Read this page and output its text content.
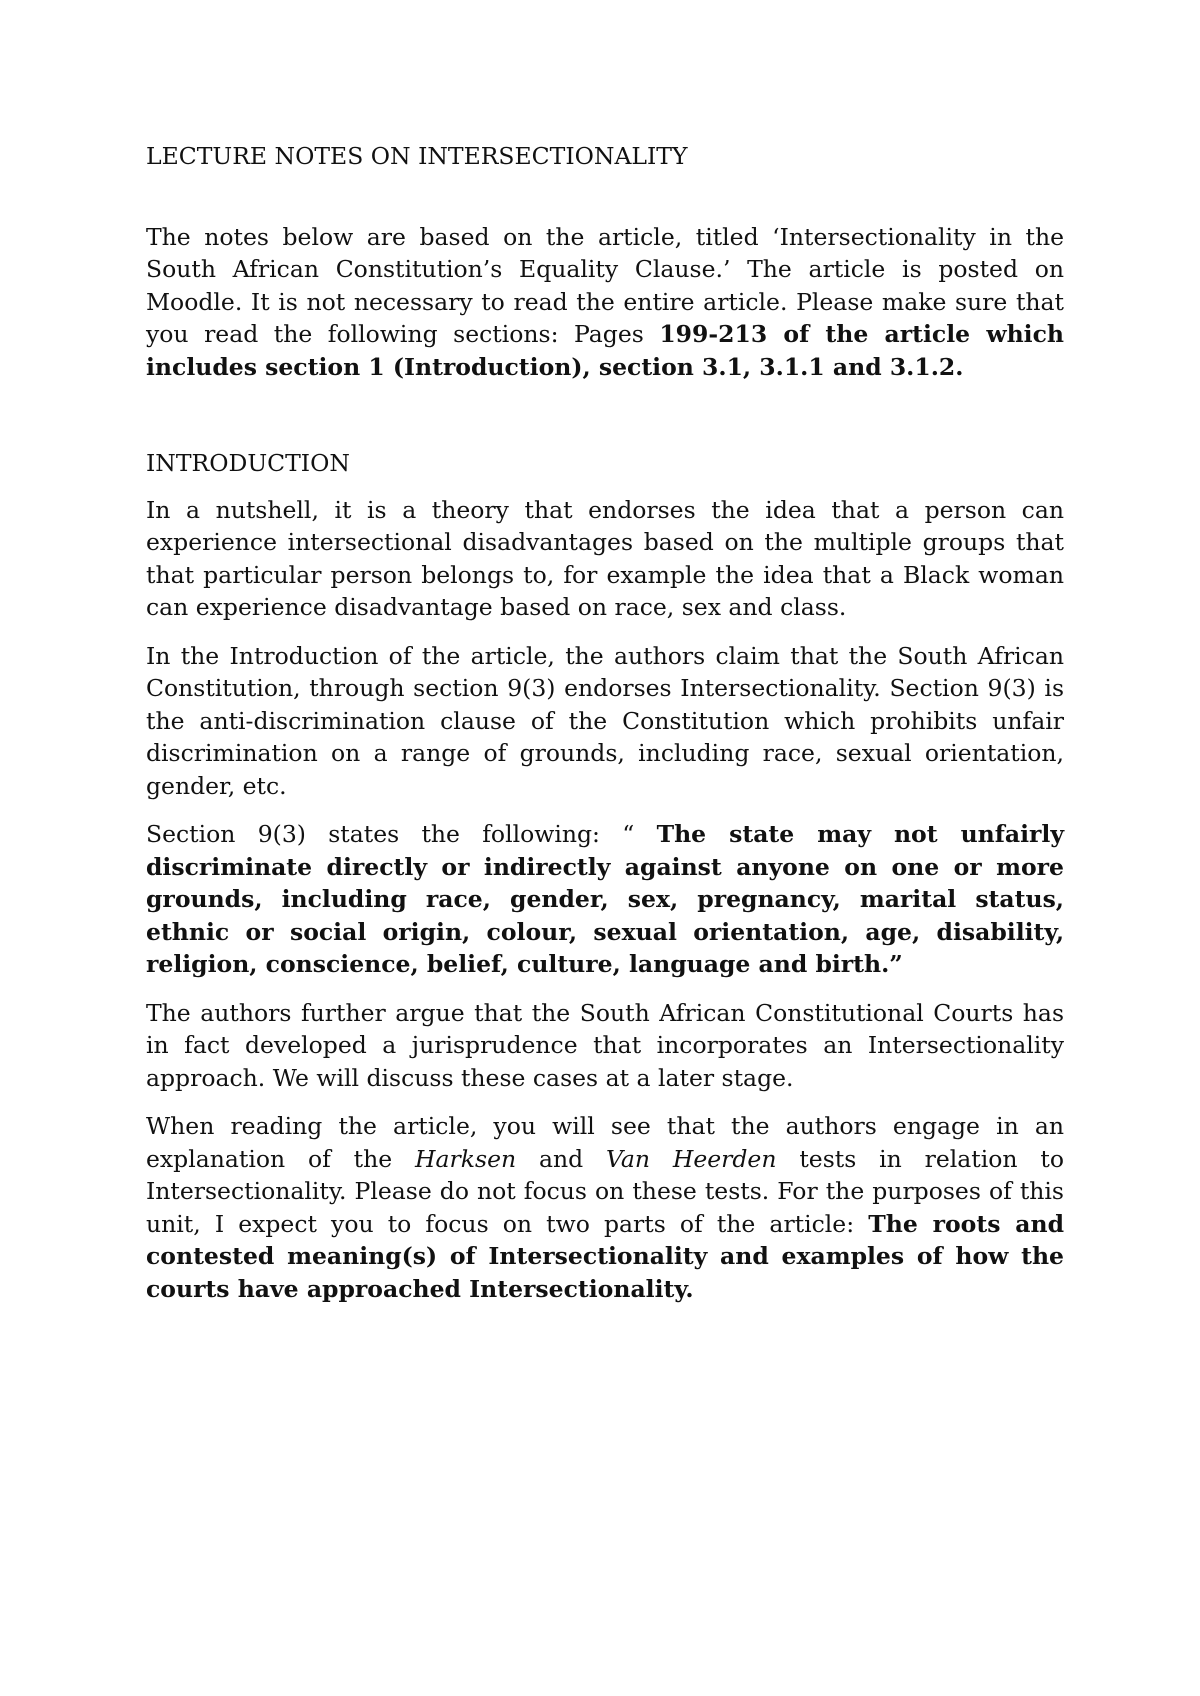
LECTURE NOTES ON INTERSECTIONALITY

The notes below are based on the article, titled ‘Intersectionality in the South African Constitution’s Equality Clause.’ The article is posted on Moodle. It is not necessary to read the entire article. Please make sure that you read the following sections: Pages 199-213 of the article which includes section 1 (Introduction), section 3.1, 3.1.1 and 3.1.2.

INTRODUCTION

In a nutshell, it is a theory that endorses the idea that a person can experience intersectional disadvantages based on the multiple groups that that particular person belongs to, for example the idea that a Black woman can experience disadvantage based on race, sex and class.

In the Introduction of the article, the authors claim that the South African Constitution, through section 9(3) endorses Intersectionality. Section 9(3) is the anti-discrimination clause of the Constitution which prohibits unfair discrimination on a range of grounds, including race, sexual orientation, gender, etc.

Section 9(3) states the following: “ The state may not unfairly discriminate directly or indirectly against anyone on one or more grounds, including race, gender, sex, pregnancy, marital status, ethnic or social origin, colour, sexual orientation, age, disability, religion, conscience, belief, culture, language and birth.”

The authors further argue that the South African Constitutional Courts has in fact developed a jurisprudence that incorporates an Intersectionality approach. We will discuss these cases at a later stage.

When reading the article, you will see that the authors engage in an explanation of the Harksen and Van Heerden tests in relation to Intersectionality. Please do not focus on these tests. For the purposes of this unit, I expect you to focus on two parts of the article: The roots and contested meaning(s) of Intersectionality and examples of how the courts have approached Intersectionality.
